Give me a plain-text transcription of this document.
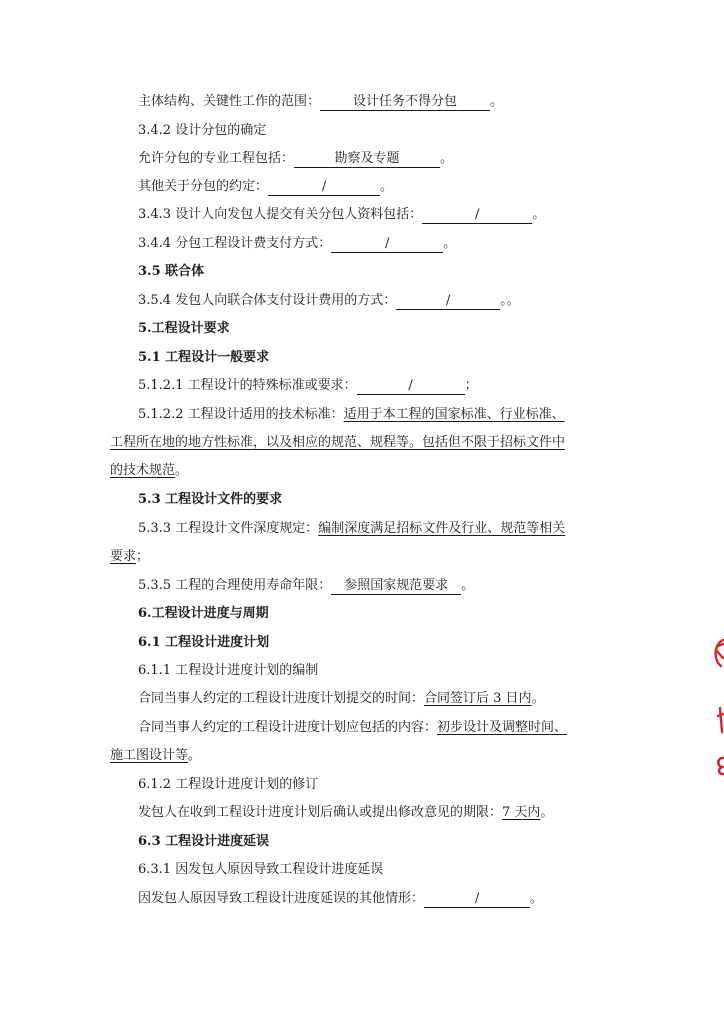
主体结构、关键性工作的范围：	设计任务不得分包	。
3.4.2 设计分包的确定
允许分包的专业工程包括：	勘察及专题	。
其他关于分包的约定：	/	。
3.4.3 设计人向发包人提交有关分包人资料包括：	/	。
3.4.4 分包工程设计费支付方式：	/	。
3.5 联合体
3.5.4 发包人向联合体支付设计费用的方式：	/	。。
5.工程设计要求
5.1 工程设计一般要求
5.1.2.1 工程设计的特殊标准或要求：	/	；
5.1.2.2 工程设计适用的技术标准：适用于本工程的国家标准、行业标准、
工程所在地的地方性标准，以及相应的规范、规程等。包括但不限于招标文件中
的技术规范。
5.3 工程设计文件的要求
5.3.3 工程设计文件深度规定：编制深度满足招标文件及行业、规范等相关
要求；
5.3.5 工程的合理使用寿命年限： 参照国家规范要求 。
6.工程设计进度与周期
6.1 工程设计进度计划
6.1.1 工程设计进度计划的编制
合同当事人约定的工程设计进度计划提交的时间：合同签订后 3 日内。
合同当事人约定的工程设计进度计划应包括的内容：初步设计及调整时间、
施工图设计等。
6.1.2 工程设计进度计划的修订
发包人在收到工程设计进度计划后确认或提出修改意见的期限：7 天内。
6.3 工程设计进度延误
6.3.1 因发包人原因导致工程设计进度延误
因发包人原因导致工程设计进度延误的其他情形：	/	。
